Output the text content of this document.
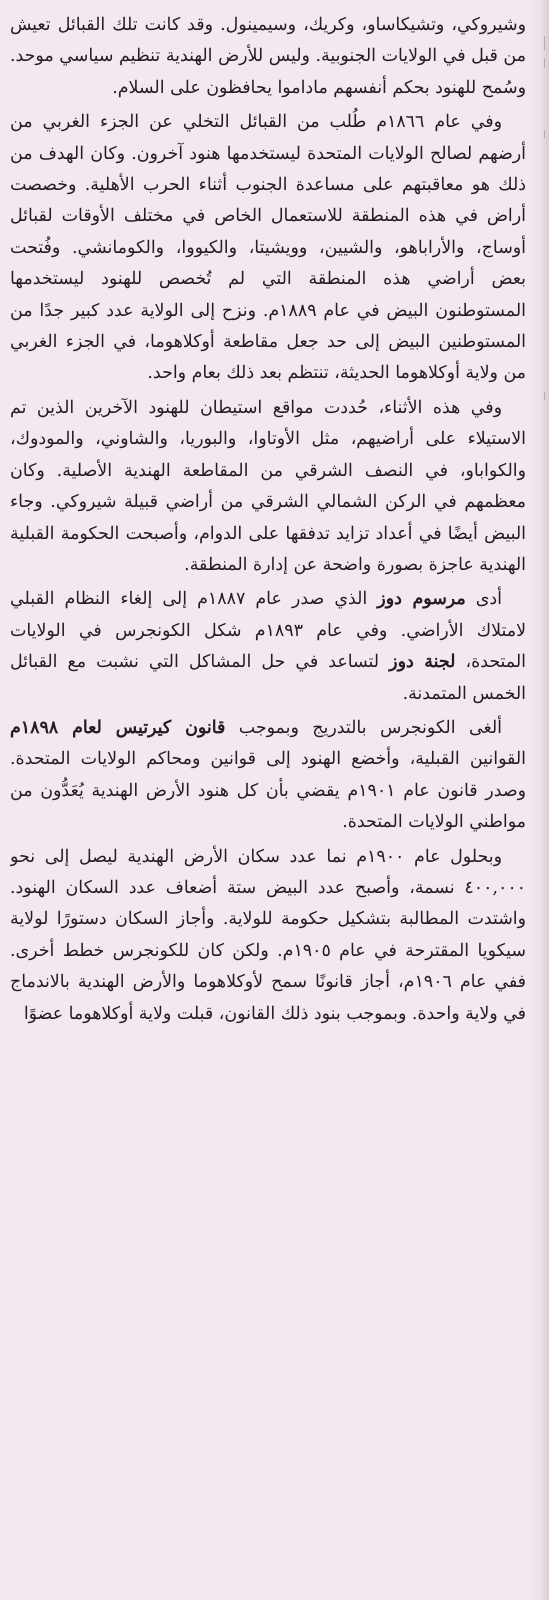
وشيروكي، وتشيكاساو، وكريك، وسيمينول. وقد كانت تلك القبائل تعيش من قبل في الولايات الجنوبية. وليس للأرض الهندية تنظيم سياسي موحد. وسُمح للهنود بحكم أنفسهم ماداموا يحافظون على السلام.

وفي عام ١٨٦٦م طُلب من القبائل التخلي عن الجزء الغربي من أرضهم لصالح الولايات المتحدة ليستخدمها هنود آخرون. وكان الهدف من ذلك هو معاقبتهم على مساعدة الجنوب أثناء الحرب الأهلية. وخصصت أراض في هذه المنطقة للاستعمال الخاص في مختلف الأوقات لقبائل أوساج، والأراباهو، والشيين، وويشيتا، والكيووا، والكومانشي. وفُتحت بعض أراضي هذه المنطقة التي لم تُخصص للهنود ليستخدمها المستوطنون البيض في عام ١٨٨٩م. ونزح إلى الولاية عدد كبير جدًا من المستوطنين البيض إلى حد جعل مقاطعة أوكلاهوما، في الجزء الغربي من ولاية أوكلاهوما الحديثة، تنتظم بعد ذلك بعام واحد.

وفي هذه الأثناء، حُددت مواقع استيطان للهنود الآخرين الذين تم الاستيلاء على أراضيهم، مثل الأوتاوا، والبوريا، والشاوني، والمودوك، والكواباو، في النصف الشرقي من المقاطعة الهندية الأصلية. وكان معظمهم في الركن الشمالي الشرقي من أراضي قبيلة شيروكي. وجاء البيض أيضًا في أعداد تزايد تدفقها على الدوام، وأصبحت الحكومة القبلية الهندية عاجزة بصورة واضحة عن إدارة المنطقة.

أدى مرسوم دوز الذي صدر عام ١٨٨٧م إلى إلغاء النظام القبلي لامتلاك الأراضي. وفي عام ١٨٩٣م شكل الكونجرس في الولايات المتحدة، لجنة دوز لتساعد في حل المشاكل التي نشبت مع القبائل الخمس المتمدنة.

ألغى الكونجرس بالتدريج وبموجب قانون كيرتيس لعام ١٨٩٨م القوانين القبلية، وأخضع الهنود إلى قوانين ومحاكم الولايات المتحدة. وصدر قانون عام ١٩٠١م يقضي بأن كل هنود الأرض الهندية يُعَدُّون من مواطني الولايات المتحدة.

وبحلول عام ١٩٠٠م نما عدد سكان الأرض الهندية ليصل إلى نحو ٤٠٠,٠٠٠ نسمة، وأصبح عدد البيض ستة أضعاف عدد السكان الهنود. واشتدت المطالبة بتشكيل حكومة للولاية. وأجاز السكان دستورًا لولاية سيكويا المقترحة في عام ١٩٠٥م. ولكن كان للكونجرس خطط أخرى. ففي عام ١٩٠٦م، أجاز قانونًا سمح لأوكلاهوما والأرض الهندية بالاندماج في ولاية واحدة. وبموجب بنود ذلك القانون، قبلت ولاية أوكلاهوما عضوًا
